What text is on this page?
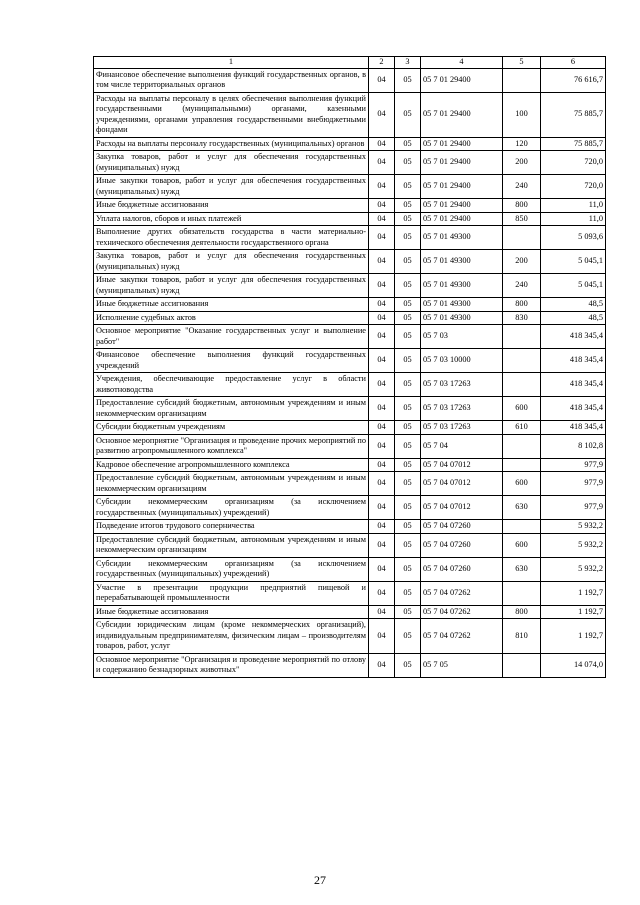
1	2	3	4	5	6
Финансовое обеспечение выполнения функций государственных органов, в том числе территориальных органов	04	05	05 7 01 29400		76 616,7
Расходы на выплаты персоналу в целях обеспечения выполнения функций государственными (муниципальными) органами, казенными учреждениями, органами управления государственными внебюджетными фондами	04	05	05 7 01 29400	100	75 885,7
Расходы на выплаты персоналу государственных (муниципальных) органов	04	05	05 7 01 29400	120	75 885,7
Закупка товаров, работ и услуг для обеспечения государственных (муниципальных) нужд	04	05	05 7 01 29400	200	720,0
Иные закупки товаров, работ и услуг для обеспечения государственных (муниципальных) нужд	04	05	05 7 01 29400	240	720,0
Иные бюджетные ассигнования	04	05	05 7 01 29400	800	11,0
Уплата налогов, сборов и иных платежей	04	05	05 7 01 29400	850	11,0
Выполнение других обязательств государства в части материально-технического обеспечения деятельности государственного органа	04	05	05 7 01 49300		5 093,6
Закупка товаров, работ и услуг для обеспечения государственных (муниципальных) нужд	04	05	05 7 01 49300	200	5 045,1
Иные закупки товаров, работ и услуг для обеспечения государственных (муниципальных) нужд	04	05	05 7 01 49300	240	5 045,1
Иные бюджетные ассигнования	04	05	05 7 01 49300	800	48,5
Исполнение судебных актов	04	05	05 7 01 49300	830	48,5
Основное мероприятие "Оказание государственных услуг и выполнение работ"	04	05	05 7 03		418 345,4
Финансовое обеспечение выполнения функций государственных учреждений	04	05	05 7 03 10000		418 345,4
Учреждения, обеспечивающие предоставление услуг в области животноводства	04	05	05 7 03 17263		418 345,4
Предоставление субсидий бюджетным, автономным учреждениям и иным некоммерческим организациям	04	05	05 7 03 17263	600	418 345,4
Субсидии бюджетным учреждениям	04	05	05 7 03 17263	610	418 345,4
Основное мероприятие "Организация и проведение прочих мероприятий по развитию агропромышленного комплекса"	04	05	05 7 04		8 102,8
Кадровое обеспечение агропромышленного комплекса	04	05	05 7 04 07012		977,9
Предоставление субсидий бюджетным, автономным учреждениям и иным некоммерческим организациям	04	05	05 7 04 07012	600	977,9
Субсидии некоммерческим организациям (за исключением государственных (муниципальных) учреждений)	04	05	05 7 04 07012	630	977,9
Подведение итогов трудового соперничества	04	05	05 7 04 07260		5 932,2
Предоставление субсидий бюджетным, автономным учреждениям и иным некоммерческим организациям	04	05	05 7 04 07260	600	5 932,2
Субсидии некоммерческим организациям (за исключением государственных (муниципальных) учреждений)	04	05	05 7 04 07260	630	5 932,2
Участие в презентации продукции предприятий пищевой и перерабатывающей промышленности	04	05	05 7 04 07262		1 192,7
Иные бюджетные ассигнования	04	05	05 7 04 07262	800	1 192,7
Субсидии юридическим лицам (кроме некоммерческих организаций), индивидуальным предпринимателям, физическим лицам – производителям товаров, работ, услуг	04	05	05 7 04 07262	810	1 192,7
Основное мероприятие "Организация и проведение мероприятий по отлову и содержанию безнадзорных животных"	04	05	05 7 05		14 074,0
27
